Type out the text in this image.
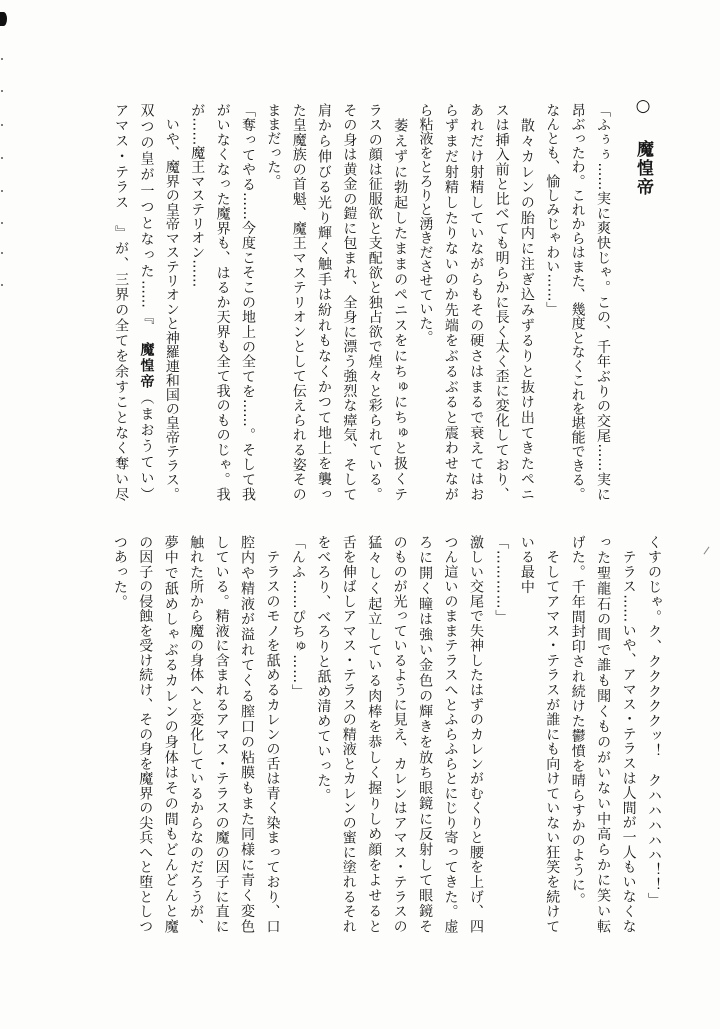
○
魔惶帝

「ふぅぅ……実に爽快じゃ。この、千年ぶりの交尾……実に

昂ぶったわ。これからはまた、幾度となくこれを堪能できる。

なんとも、愉しみじゃわい……」

　散々カレンの胎内に注ぎ込みずるりと抜け出てきたペニ

スは挿入前と比べても明らかに長く太く歪に変化しており、

あれだけ射精していながらもその硬さはまるで衰えてはお

らずまだ射精したりないのか先端をぶるぶると震わせなが

ら粘液をとろりと湧きださせていた。

　萎えずに勃起したままのペニスをにちゅにちゅと扱くテ

ラスの顔は征服欲と支配欲と独占欲で煌々と彩られている。

その身は黄金の鎧に包まれ、全身に漂う強烈な瘴気、そして

肩から伸びる光り輝く触手は紛れもなくかつて地上を襲っ

た皇魔族の首魁、魔王マステリオンとして伝えられる姿その

ままだった。

「奪ってやる……今度こそこの地上の全てを……。そして我

がいなくなった魔界も、はるか天界も全て我のものじゃ。我

が……魔王マステリオン……

　いや、魔界の皇帝マステリオンと神羅連和国の皇帝テラス。

双つの皇が一つとなった……『　魔惶帝（まおうてい）

アマス・テラス　』が、三界の全てを余すことなく奪い尽

くすのじゃ。ク、クククククッ！　クハハハハハ！！」

　テラス……いや、アマス・テラスは人間が一人もいなくな

った聖龍石の間で誰も聞くものがいない中高らかに笑い転

げた。千年間封印され続けた鬱憤を晴らすかのように。

　そしてアマス・テラスが誰にも向けていない狂笑を続けて

いる最中

「…………」

激しい交尾で失神したはずのカレンがむくりと腰を上げ、四

つん這いのままテラスへとふらふらとにじり寄ってきた。虚

ろに開く瞳は強い金色の輝きを放ち眼鏡に反射して眼鏡そ

のものが光っているように見え、カレンはアマス・テラスの

猛々しく起立している肉棒を恭しく握りしめ顔をよせると

舌を伸ばしアマス・テラスの精液とカレンの蜜に塗れるそれ

をべろり、べろりと舐め清めていった。

「んふ……ぴちゅ……」

　テラスのモノを舐めるカレンの舌は青く染まっており、口

腔内や精液が溢れてくる膣口の粘膜もまた同様に青く変色

している。精液に含まれるアマス・テラスの魔の因子に直に

触れた所から魔の身体へと変化しているからなのだろうが、

夢中で舐めしゃぶるカレンの身体はその間もどんどんと魔

の因子の侵蝕を受け続け、その身を魔界の尖兵へと堕としつ

つあった。
